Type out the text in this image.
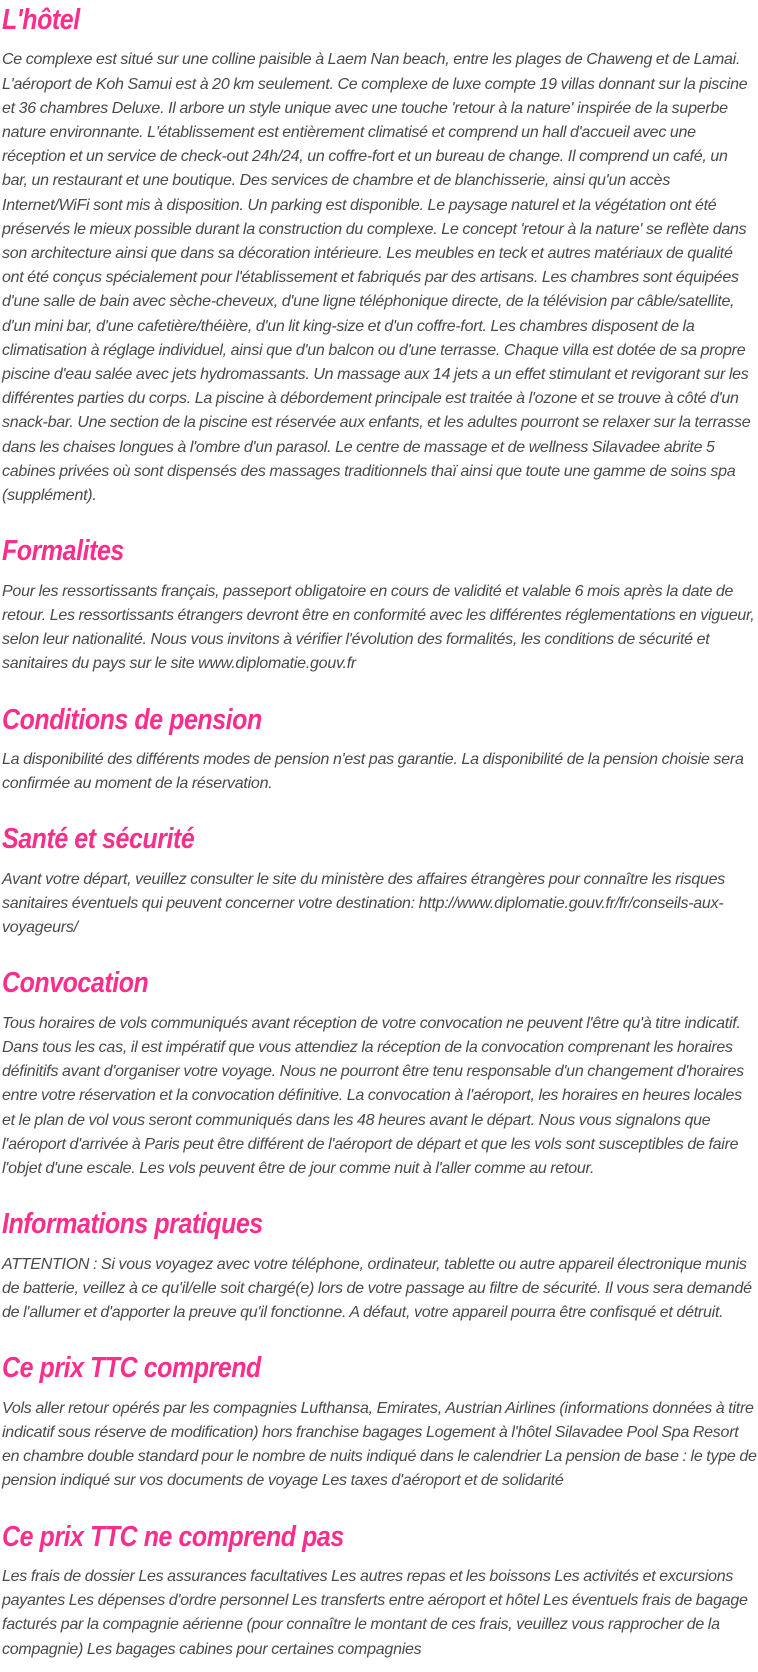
L'hôtel

Ce complexe est situé sur une colline paisible à Laem Nan beach, entre les plages de Chaweng et de Lamai. L'aéroport de Koh Samui est à 20 km seulement. Ce complexe de luxe compte 19 villas donnant sur la piscine et 36 chambres Deluxe. Il arbore un style unique avec une touche 'retour à la nature' inspirée de la superbe nature environnante. L'établissement est entièrement climatisé et comprend un hall d'accueil avec une réception et un service de check-out 24h/24, un coffre-fort et un bureau de change. Il comprend un café, un bar, un restaurant et une boutique. Des services de chambre et de blanchisserie, ainsi qu'un accès Internet/WiFi sont mis à disposition. Un parking est disponible. Le paysage naturel et la végétation ont été préservés le mieux possible durant la construction du complexe. Le concept 'retour à la nature' se reflète dans son architecture ainsi que dans sa décoration intérieure. Les meubles en teck et autres matériaux de qualité ont été conçus spécialement pour l'établissement et fabriqués par des artisans. Les chambres sont équipées d'une salle de bain avec sèche-cheveux, d'une ligne téléphonique directe, de la télévision par câble/satellite, d'un mini bar, d'une cafetière/théière, d'un lit king-size et d'un coffre-fort. Les chambres disposent de la climatisation à réglage individuel, ainsi que d'un balcon ou d'une terrasse. Chaque villa est dotée de sa propre piscine d'eau salée avec jets hydromassants. Un massage aux 14 jets a un effet stimulant et revigorant sur les différentes parties du corps. La piscine à débordement principale est traitée à l'ozone et se trouve à côté d'un snack-bar. Une section de la piscine est réservée aux enfants, et les adultes pourront se relaxer sur la terrasse dans les chaises longues à l'ombre d'un parasol. Le centre de massage et de wellness Silavadee abrite 5 cabines privées où sont dispensés des massages traditionnels thaï ainsi que toute une gamme de soins spa (supplément).

Formalites

Pour les ressortissants français, passeport obligatoire en cours de validité et valable 6 mois après la date de retour. Les ressortissants étrangers devront être en conformité avec les différentes réglementations en vigueur, selon leur nationalité. Nous vous invitons à vérifier l'évolution des formalités, les conditions de sécurité et sanitaires du pays sur le site www.diplomatie.gouv.fr

Conditions de pension

La disponibilité des différents modes de pension n'est pas garantie. La disponibilité de la pension choisie sera confirmée au moment de la réservation.

Santé et sécurité

Avant votre départ, veuillez consulter le site du ministère des affaires étrangères pour connaître les risques sanitaires éventuels qui peuvent concerner votre destination: http://www.diplomatie.gouv.fr/fr/conseils-aux-voyageurs/

Convocation

Tous horaires de vols communiqués avant réception de votre convocation ne peuvent l'être qu'à titre indicatif. Dans tous les cas, il est impératif que vous attendiez la réception de la convocation comprenant les horaires définitifs avant d'organiser votre voyage. Nous ne pourront être tenu responsable d'un changement d'horaires entre votre réservation et la convocation définitive. La convocation à l'aéroport, les horaires en heures locales et le plan de vol vous seront communiqués dans les 48 heures avant le départ. Nous vous signalons que l'aéroport d'arrivée à Paris peut être différent de l'aéroport de départ et que les vols sont susceptibles de faire l'objet d'une escale. Les vols peuvent être de jour comme nuit à l'aller comme au retour.

Informations pratiques

ATTENTION : Si vous voyagez avec votre téléphone, ordinateur, tablette ou autre appareil électronique munis de batterie, veillez à ce qu'il/elle soit chargé(e) lors de votre passage au filtre de sécurité. Il vous sera demandé de l'allumer et d'apporter la preuve qu'il fonctionne. A défaut, votre appareil pourra être confisqué et détruit.

Ce prix TTC comprend

Vols aller retour opérés par les compagnies Lufthansa, Emirates, Austrian Airlines (informations données à titre indicatif sous réserve de modification) hors franchise bagages Logement à l'hôtel Silavadee Pool Spa Resort en chambre double standard pour le nombre de nuits indiqué dans le calendrier La pension de base : le type de pension indiqué sur vos documents de voyage Les taxes d'aéroport et de solidarité

Ce prix TTC ne comprend pas

Les frais de dossier Les assurances facultatives Les autres repas et les boissons Les activités et excursions payantes Les dépenses d'ordre personnel Les transferts entre aéroport et hôtel Les éventuels frais de bagage facturés par la compagnie aérienne (pour connaître le montant de ces frais, veuillez vous rapprocher de la compagnie) Les bagages cabines pour certaines compagnies
